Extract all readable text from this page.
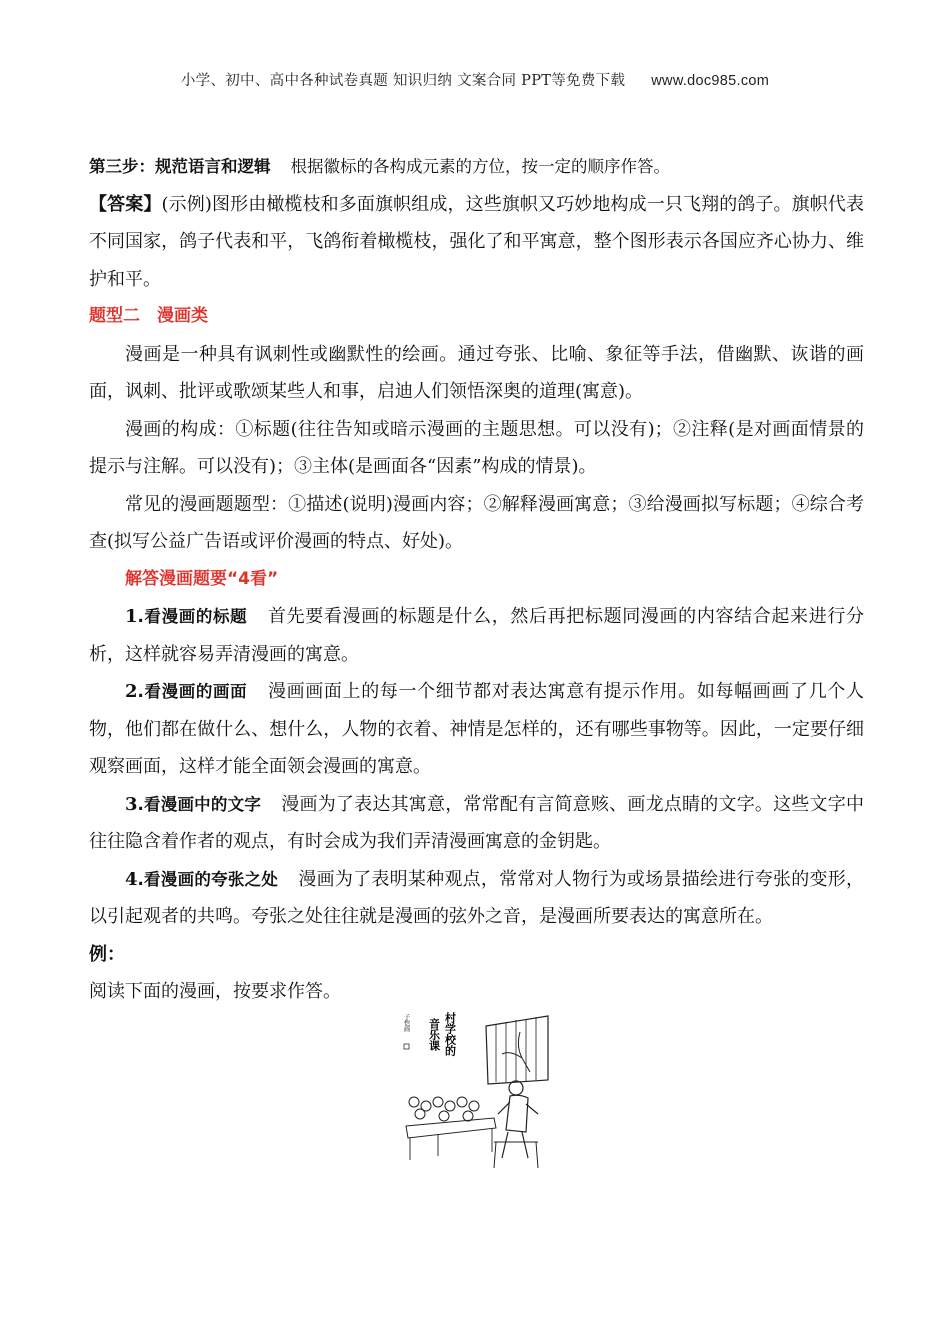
小学、初中、高中各种试卷真题 知识归纳 文案合同 PPT等免费下载 www.doc985.com

第三步：规范语言和逻辑 根据徽标的各构成元素的方位，按一定的顺序作答。

【答案】(示例)图形由橄榄枝和多面旗帜组成，这些旗帜又巧妙地构成一只飞翔的鸽子。旗帜代表不同国家，鸽子代表和平，飞鸽衔着橄榄枝，强化了和平寓意，整个图形表示各国应齐心协力、维护和平。

题型二　漫画类

漫画是一种具有讽刺性或幽默性的绘画。通过夸张、比喻、象征等手法，借幽默、诙谐的画面，讽刺、批评或歌颂某些人和事，启迪人们领悟深奥的道理(寓意)。

漫画的构成：①标题(往往告知或暗示漫画的主题思想。可以没有)；②注释(是对画面情景的提示与注解。可以没有)；③主体(是画面各“因素”构成的情景)。

常见的漫画题题型：①描述(说明)漫画内容；②解释漫画寓意；③给漫画拟写标题；④综合考查(拟写公益广告语或评价漫画的特点、好处)。

解答漫画题要“4看”

1.看漫画的标题 首先要看漫画的标题是什么，然后再把标题同漫画的内容结合起来进行分析，这样就容易弄清漫画的寓意。

2.看漫画的画面 漫画画面上的每一个细节都对表达寓意有提示作用。如每幅画画了几个人物，他们都在做什么、想什么，人物的衣着、神情是怎样的，还有哪些事物等。因此，一定要仔细观察画面，这样才能全面领会漫画的寓意。

3.看漫画中的文字 漫画为了表达其寓意，常常配有言简意赅、画龙点睛的文字。这些文字中往往隐含着作者的观点，有时会成为我们弄清漫画寓意的金钥匙。

4.看漫画的夸张之处 漫画为了表明某种观点，常常对人物行为或场景描绘进行夸张的变形，以引起观者的共鸣。夸张之处往往就是漫画的弦外之音，是漫画所要表达的寓意所在。

例：

阅读下面的漫画，按要求作答。

村学校的
音乐课
子恺画
